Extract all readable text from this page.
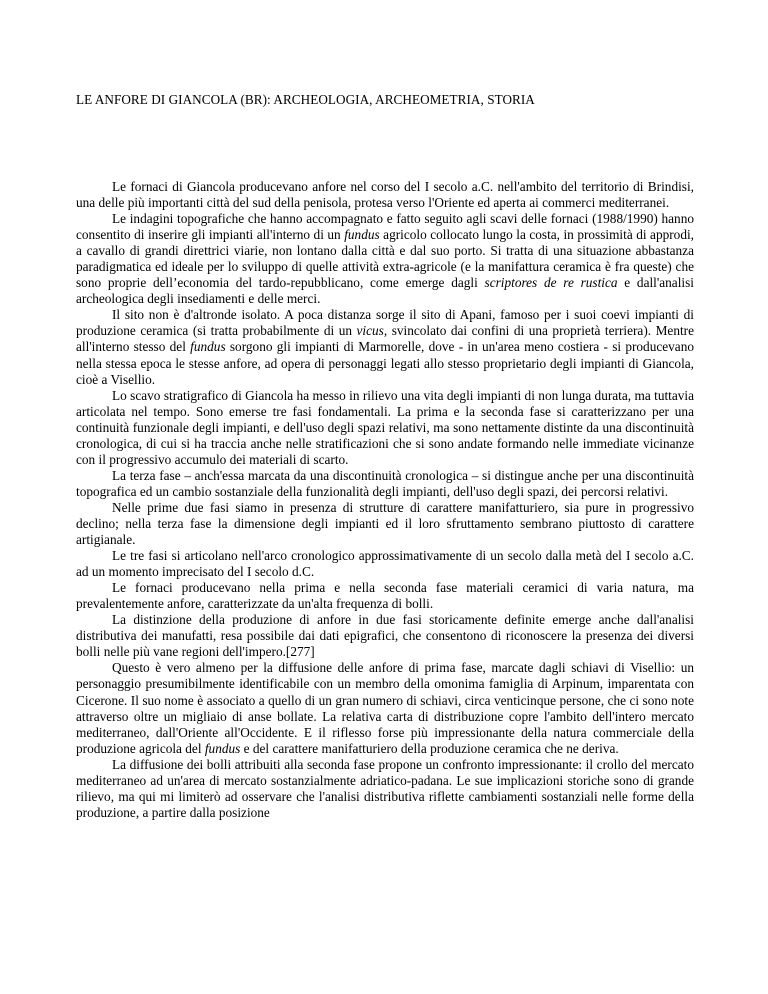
LE ANFORE DI GIANCOLA (BR): ARCHEOLOGIA, ARCHEOMETRIA, STORIA

Le fornaci di Giancola producevano anfore nel corso del I secolo a.C. nell'ambito del territorio di Brindisi, una delle più importanti città del sud della penisola, protesa verso l'Oriente ed aperta ai commerci mediterranei.

Le indagini topografiche che hanno accompagnato e fatto seguito agli scavi delle fornaci (1988/1990) hanno consentito di inserire gli impianti all'interno di un fundus agricolo collocato lungo la costa, in prossimità di approdi, a cavallo di grandi direttrici viarie, non lontano dalla città e dal suo porto. Si tratta di una situazione abbastanza paradigmatica ed ideale per lo sviluppo di quelle attività extra-agricole (e la manifattura ceramica è fra queste) che sono proprie dell’economia del tardo-repubblicano, come emerge dagli scriptores de re rustica e dall'analisi archeologica degli insediamenti e delle merci.

Il sito non è d'altronde isolato. A poca distanza sorge il sito di Apani, famoso per i suoi coevi impianti di produzione ceramica (si tratta probabilmente di un vicus, svincolato dai confini di una proprietà terriera). Mentre all'interno stesso del fundus sorgono gli impianti di Marmorelle, dove - in un'area meno costiera - si producevano nella stessa epoca le stesse anfore, ad opera di personaggi legati allo stesso proprietario degli impianti di Giancola, cioè a Visellio.

Lo scavo stratigrafico di Giancola ha messo in rilievo una vita degli impianti di non lunga durata, ma tuttavia articolata nel tempo. Sono emerse tre fasi fondamentali. La prima e la seconda fase si caratterizzano per una continuità funzionale degli impianti, e dell'uso degli spazi relativi, ma sono nettamente distinte da una discontinuità cronologica, di cui si ha traccia anche nelle stratificazioni che si sono andate formando nelle immediate vicinanze con il progressivo accumulo dei materiali di scarto.

La terza fase – anch'essa marcata da una discontinuità cronologica – si distingue anche per una discontinuità topografica ed un cambio sostanziale della funzionalità degli impianti, dell'uso degli spazi, dei percorsi relativi.

Nelle prime due fasi siamo in presenza di strutture di carattere manifatturiero, sia pure in progressivo declino; nella terza fase la dimensione degli impianti ed il loro sfruttamento sembrano piuttosto di carattere artigianale.

Le tre fasi si articolano nell'arco cronologico approssimativamente di un secolo dalla metà del I secolo a.C. ad un momento imprecisato del I secolo d.C.

Le fornaci producevano nella prima e nella seconda fase materiali ceramici di varia natura, ma prevalentemente anfore, caratterizzate da un'alta frequenza di bolli.

La distinzione della produzione di anfore in due fasi storicamente definite emerge anche dall'analisi distributiva dei manufatti, resa possibile dai dati epigrafici, che consentono di riconoscere la presenza dei diversi bolli nelle più vane regioni dell'impero.[277]

Questo è vero almeno per la diffusione delle anfore di prima fase, marcate dagli schiavi di Visellio: un personaggio presumibilmente identificabile con un membro della omonima famiglia di Arpinum, imparentata con Cicerone. Il suo nome è associato a quello di un gran numero di schiavi, circa venticinque persone, che ci sono note attraverso oltre un migliaio di anse bollate. La relativa carta di distribuzione copre l'ambito dell'intero mercato mediterraneo, dall'Oriente all'Occidente. E il riflesso forse più impressionante della natura commerciale della produzione agricola del fundus e del carattere manifatturiero della produzione ceramica che ne deriva.

La diffusione dei bolli attribuiti alla seconda fase propone un confronto impressionante: il crollo del mercato mediterraneo ad un'area di mercato sostanzialmente adriatico-padana. Le sue implicazioni storiche sono di grande rilievo, ma qui mi limiterò ad osservare che l'analisi distributiva riflette cambiamenti sostanziali nelle forme della produzione, a partire dalla posizione
